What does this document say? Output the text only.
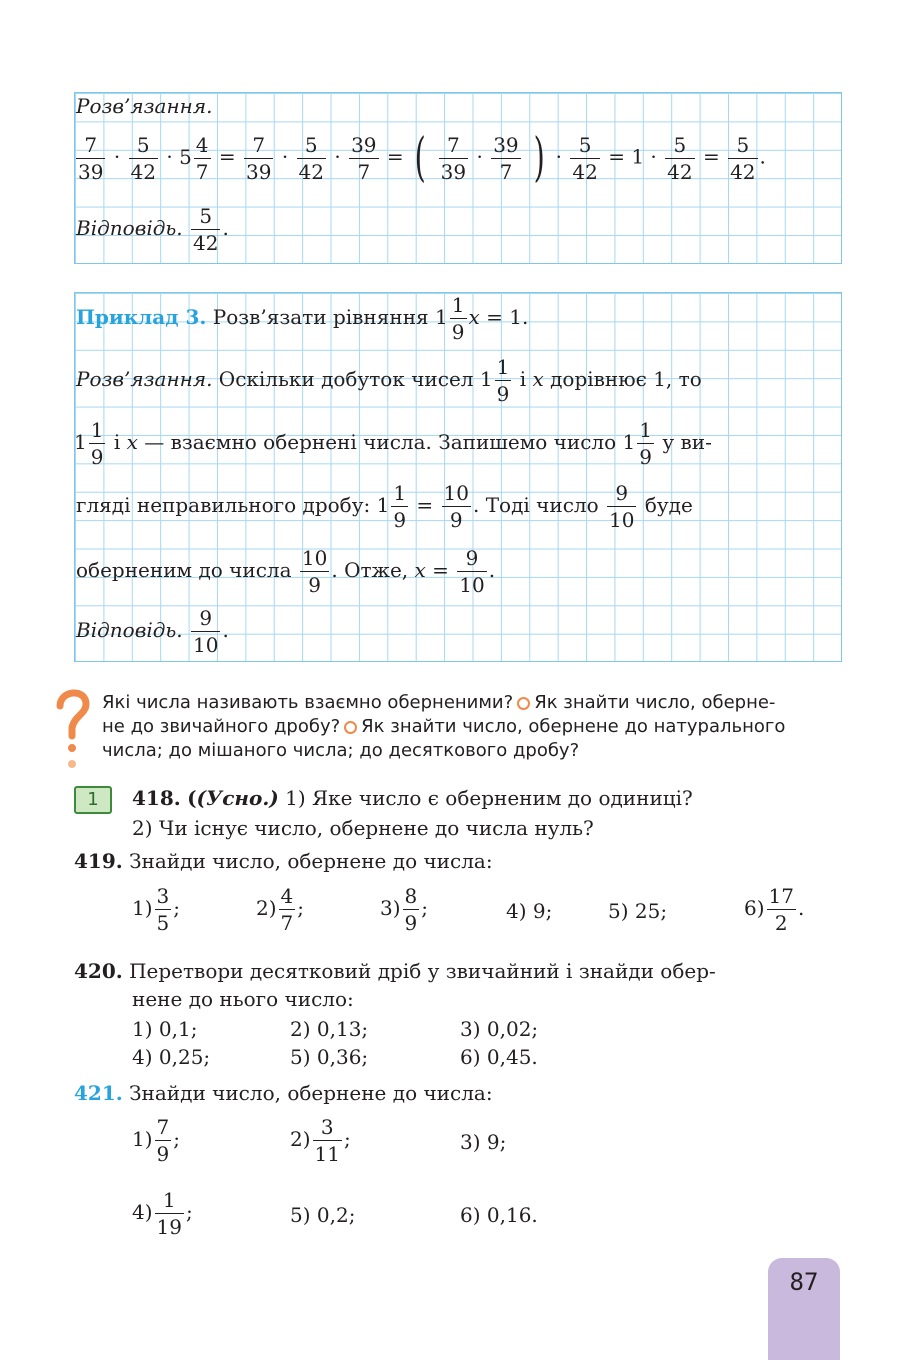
Розв’язання.
$\frac{7}{39} \cdot \frac{5}{42} \cdot 5 \frac{4}{7} = \frac{7}{39} \cdot \frac{5}{42} \cdot \frac{39}{7}$ = ( $\frac{7}{39} \cdot \frac{39}{7}$ ) · $\frac{5}{42} = 1 \cdot \frac{5}{42} = \frac{5}{42}$ .
Відповідь. $\frac{5}{42}$ .
Приклад 3. Розв’язати рівняння $1 \frac{1}{9}$ x = 1.
Розв’язання. Оскільки добуток чисел $1 \frac{1}{9}$ і x дорівнює 1, то
$1 \frac{1}{9}$ і x — взаємно обернені числа. Запишемо число $1 \frac{1}{9}$ у ви-
гляді неправильного дробу: $1 \frac{1}{9} = \frac{10}{9}$ . Тоді число $\frac{9}{10}$ буде
оберненим до числа $\frac{10}{9}$ . Отже, $x = \frac{9}{10}$ .
Відповідь. $\frac{9}{10}$ .
Які числа називають взаємно оберненими? Як знайти число, оберне-
не до звичайного дробу? Як знайти число, обернене до натурального
числа; до мішаного числа; до десяткового дробу?
1	418. ((Усно.) 1) Яке число є оберненим до одиниці?
2) Чи існує число, обернене до числа нуль?
419. Знайди число, обернене до числа:
$1) \frac{3}{5}$ ;	$2) \frac{4}{7}$ ;	$3) \frac{8}{9}$ ;	4) 9;	5) 25;	$6) \frac{17}{2}$ .
420. Перетвори десятковий дріб у звичайний і знайди обер-
нене до нього число:
1) 0,1;	2) 0,13;	3) 0,02;
4) 0,25;	5) 0,36;	6) 0,45.
421. Знайди число, обернене до числа:
$1) \frac{7}{9}$ ;	$2) \frac{3}{11}$ ;	3) 9;
$4) \frac{1}{19}$ ;	5) 0,2;	6) 0,16.
87
